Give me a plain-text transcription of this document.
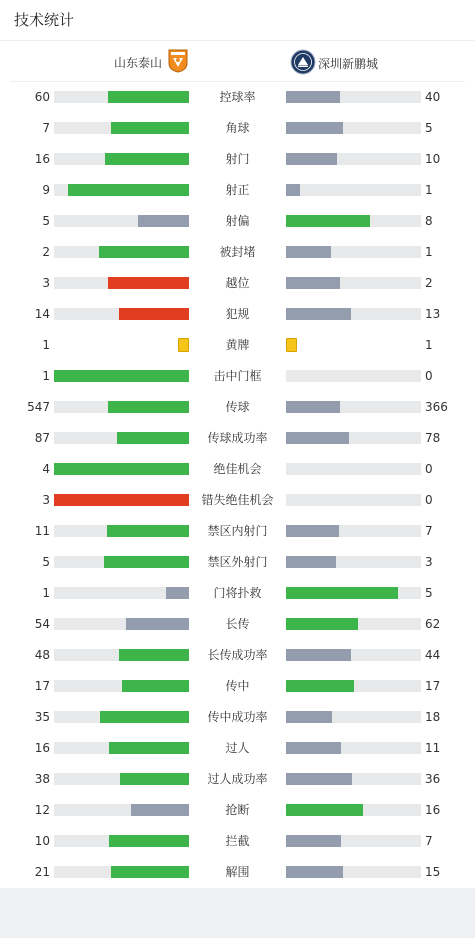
技术统计
山东泰山	深圳新鹏城
60	控球率	40
7	角球	5
16	射门	10
9	射正	1
5	射偏	8
2	被封堵	1
3	越位	2
14	犯规	13
1	黄牌	1
1	击中门框	0
547	传球	366
87	传球成功率	78
4	绝佳机会	0
3	错失绝佳机会	0
11	禁区内射门	7
5	禁区外射门	3
1	门将扑救	5
54	长传	62
48	长传成功率	44
17	传中	17
35	传中成功率	18
16	过人	11
38	过人成功率	36
12	抢断	16
10	拦截	7
21	解围	15
